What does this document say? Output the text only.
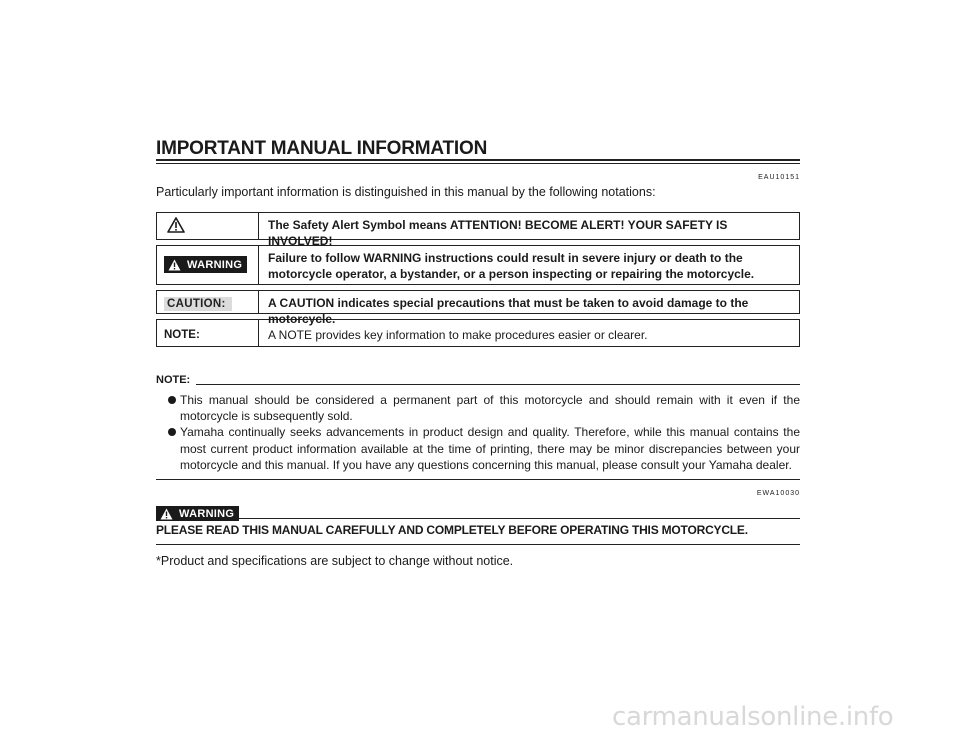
IMPORTANT MANUAL INFORMATION
EAU10151
Particularly important information is distinguished in this manual by the following notations:
The Safety Alert Symbol means ATTENTION! BECOME ALERT! YOUR SAFETY IS INVOLVED!
WARNING	Failure to follow WARNING instructions could result in severe injury or death to the motorcycle operator, a bystander, or a person inspecting or repairing the motorcycle.
CAUTION:	A CAUTION indicates special precautions that must be taken to avoid damage to the motorcycle.
NOTE:	A NOTE provides key information to make procedures easier or clearer.
NOTE:
This manual should be considered a permanent part of this motorcycle and should remain with it even if the motorcycle is subsequently sold.
Yamaha continually seeks advancements in product design and quality. Therefore, while this manual contains the most current product information available at the time of printing, there may be minor discrepancies between your motorcycle and this manual. If you have any questions concerning this manual, please consult your Yamaha dealer.
EWA10030
WARNING
PLEASE READ THIS MANUAL CAREFULLY AND COMPLETELY BEFORE OPERATING THIS MOTORCYCLE.
*Product and specifications are subject to change without notice.
carmanualsonline.info
